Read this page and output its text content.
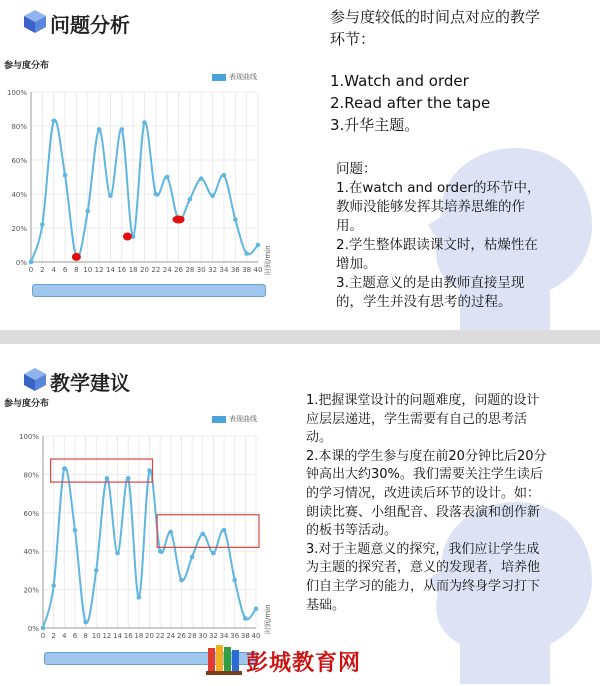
问题分析
参与度分布
表现曲线
0%
20%
40%
60%
80%
100%
0 2 4 6 8 10 12 14 16 18 20 22 24 26 28 30 32 34 36 38 40 时间/min
参与度较低的时间点对应的教学
环节：
1.Watch and order
2.Read after the tape
3.升华主题。
问题：
1.在watch and order的环节中，
教师没能够发挥其培养思维的作
用。
2.学生整体跟读课文时，枯燥性在
增加。
3.主题意义的是由教师直接呈现
的，学生并没有思考的过程。
教学建议
参与度分布
表现曲线
0%
20%
40%
60%
80%
100%
0 2 4 6 8 10 12 14 16 18 20 22 24 26 28 30 32 34 36 38 40
时间/min
1.把握课堂设计的问题难度，问题的设计
应层层递进，学生需要有自己的思考活
动。
2.本课的学生参与度在前20分钟比后20分
钟高出大约30%。我们需要关注学生读后
的学习情况，改进读后环节的设计。如：
朗读比赛、小组配音、段落表演和创作新
的板书等活动。
3.对于主题意义的探究，我们应让学生成
为主题的探究者，意义的发现者，培养他
们自主学习的能力，从而为终身学习打下
基础。
彭城教育网
